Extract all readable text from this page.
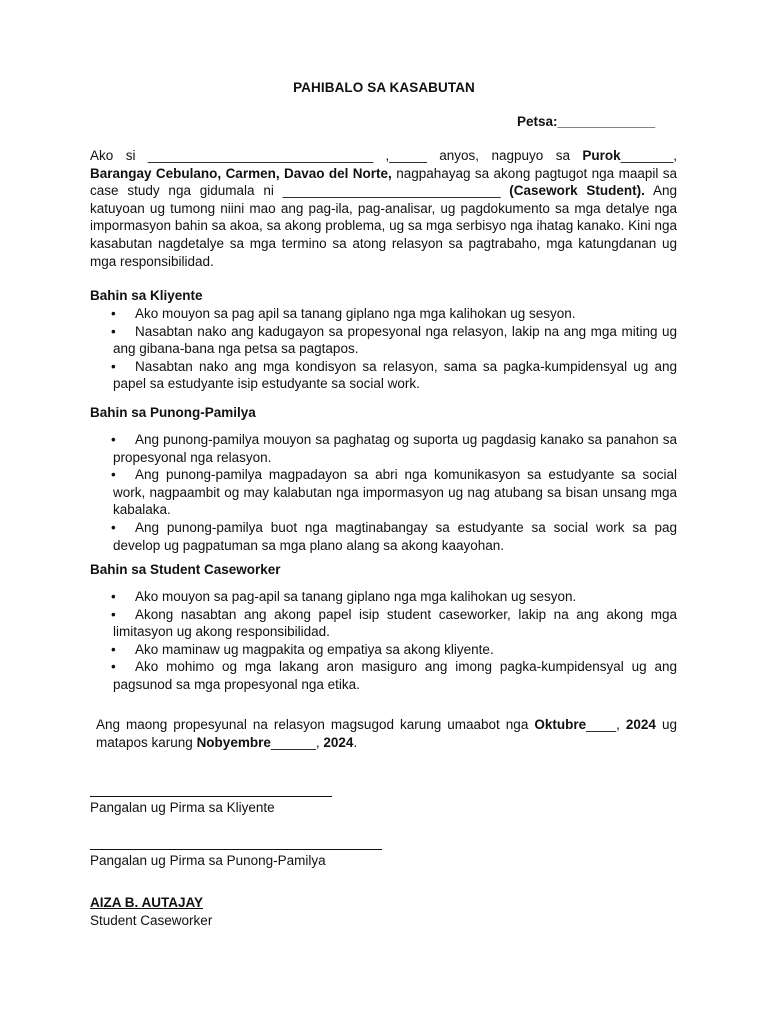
PAHIBALO SA KASABUTAN
Petsa:_____________

Ako si ______________________________ ,_____ anyos, nagpuyo sa Purok_______, Barangay Cebulano, Carmen, Davao del Norte, nagpahayag sa akong pagtugot nga maapil sa case study nga gidumala ni _____________________________ (Casework Student). Ang katuyoan ug tumong niini mao ang pag-ila, pag-analisar, ug pagdokumento sa mga detalye nga impormasyon bahin sa akoa, sa akong problema, ug sa mga serbisyo nga ihatag kanako. Kini nga kasabutan nagdetalye sa mga termino sa atong relasyon sa pagtrabaho, mga katungdanan ug mga responsibilidad.

Bahin sa Kliyente

•	Ako mouyon sa pag apil sa tanang giplano nga mga kalihokan ug sesyon.
•	Nasabtan nako ang kadugayon sa propesyonal nga relasyon, lakip na ang mga miting ug ang gibana-bana nga petsa sa pagtapos.
•	Nasabtan nako ang mga kondisyon sa relasyon, sama sa pagka-kumpidensyal ug ang papel sa estudyante isip estudyante sa social work.

Bahin sa Punong-Pamilya

•	Ang punong-pamilya mouyon sa paghatag og suporta ug pagdasig kanako sa panahon sa propesyonal nga relasyon.
•	Ang punong-pamilya magpadayon sa abri nga komunikasyon sa estudyante sa social work, nagpaambit og may kalabutan nga impormasyon ug nag atubang sa bisan unsang mga kabalaka.
•	Ang punong-pamilya buot nga magtinabangay sa estudyante sa social work sa pag develop ug pagpatuman sa mga plano alang sa akong kaayohan.

Bahin sa Student Caseworker

•	Ako mouyon sa pag-apil sa tanang giplano nga mga kalihokan ug sesyon.
•	Akong nasabtan ang akong papel isip student caseworker, lakip na ang akong mga limitasyon ug akong responsibilidad.
•	Ako maminaw ug magpakita og empatiya sa akong kliyente.
•	Ako mohimo og mga lakang aron masiguro ang imong pagka-kumpidensyal ug ang pagsunod sa mga propesyonal nga etika.

Ang maong propesyunal na relasyon magsugod karung umaabot nga Oktubre____, 2024 ug matapos karung Nobyembre______, 2024.

Pangalan ug Pirma sa Kliyente

Pangalan ug Pirma sa Punong-Pamilya

AIZA B. AUTAJAY

Student Caseworker
